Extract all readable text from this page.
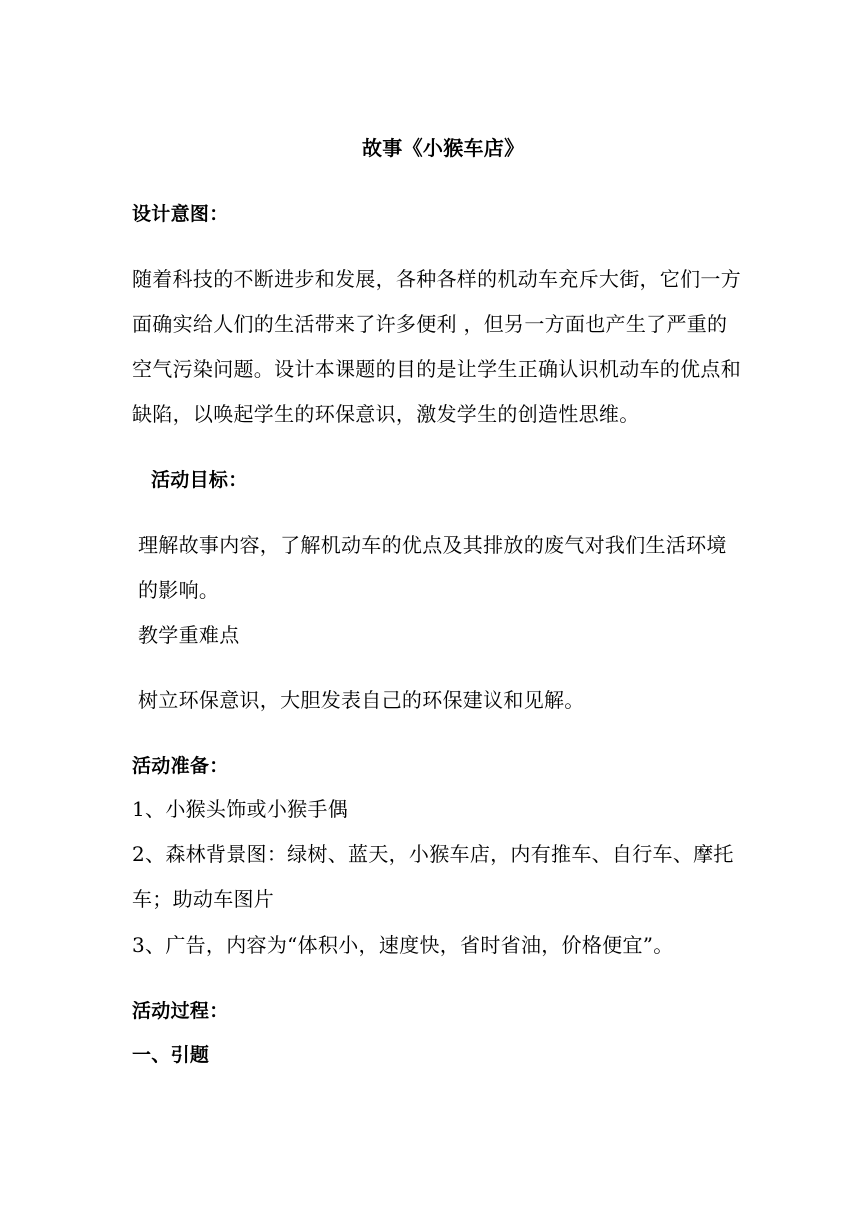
故事《小猴车店》
设计意图：
随着科技的不断进步和发展，各种各样的机动车充斥大街，它们一方
面确实给人们的生活带来了许多便利 ，但另一方面也产生了严重的
空气污染问题。设计本课题的目的是让学生正确认识机动车的优点和
缺陷，以唤起学生的环保意识，激发学生的创造性思维。
活动目标：
理解故事内容，了解机动车的优点及其排放的废气对我们生活环境
的影响。
教学重难点
树立环保意识，大胆发表自己的环保建议和见解。
活动准备：
1、小猴头饰或小猴手偶
2、森林背景图：绿树、蓝天，小猴车店，内有推车、自行车、摩托
车；助动车图片
3、广告，内容为“体积小，速度快，省时省油，价格便宜”。
活动过程：
一、引题
